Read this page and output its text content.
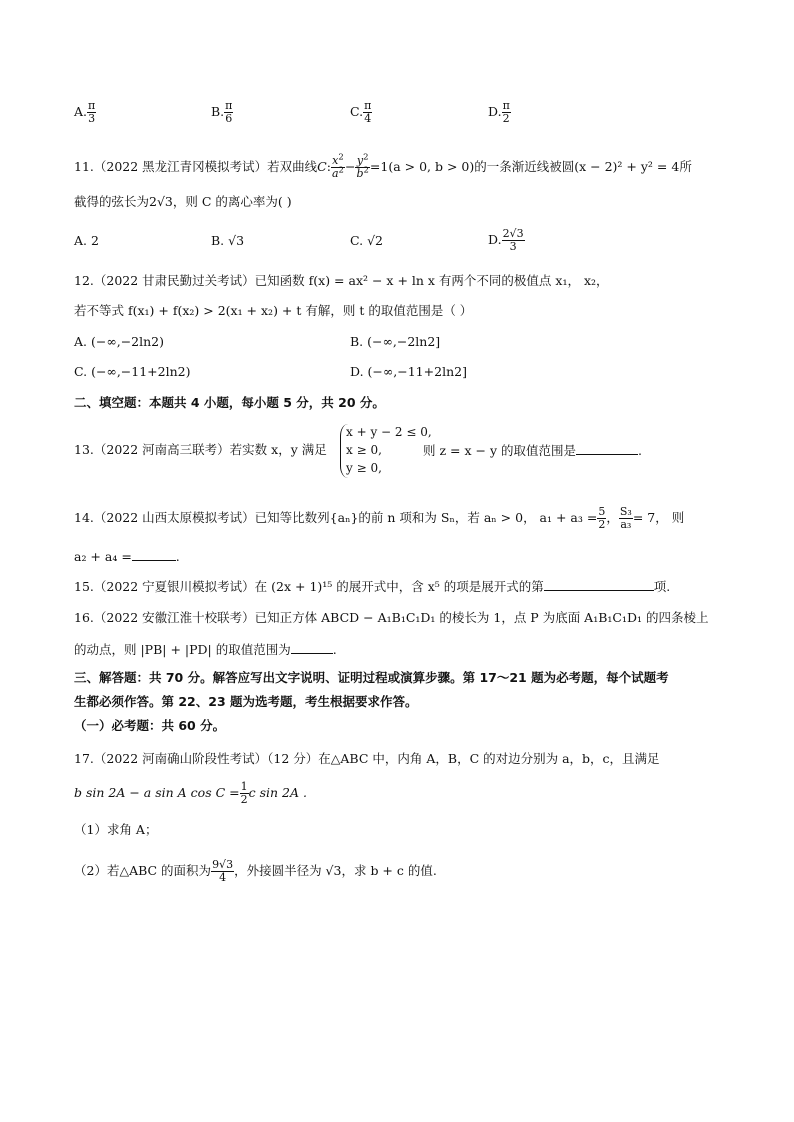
A. $\frac{\pi}{3}$	B. $\frac{\pi}{6}$	C. $\frac{\pi}{4}$	D. $\frac{\pi}{2}$
11.（2022 黑龙江青冈模拟考试）若双曲线C: $\frac{x^2}{a^2} - \frac{y^2}{b^2} =1(a > 0$, b > 0)的一条渐近线被圆(x − 2)² + y² = 4所
截得的弦长为2√3，则 C 的离心率为( )
A. 2	B. √3	C. √2	D. $\frac{2√3}{3}$
12.（2022 甘肃民勤过关考试）已知函数 f(x) = ax² − x + ln x 有两个不同的极值点 x₁， x₂，
若不等式 f(x₁) + f(x₂) > 2(x₁ + x₂) + t 有解，则 t 的取值范围是（ ）
A. (−∞,−2ln2)	B. (−∞,−2ln2]
C. (−∞,−11+2ln2)	D. (−∞,−11+2ln2]
二、填空题：本题共 4 小题，每小题 5 分，共 20 分。
13.（2022 河南高三联考）若实数 x，y 满足
x + y − 2 ≤ 0,
x ≥ 0,
y ≥ 0,
则 z = x − y 的取值范围是	.
14.（2022 山西太原模拟考试）已知等比数列{aₙ}的前 n 项和为 Sₙ，若 aₙ > 0， $a_1 + a_3 = \frac{5}{2}$ ， $\frac{\text{S₃}}{\text{a₃}} = 7$， 则
a₂ + a₄ =	.
15.（2022 宁夏银川模拟考试）在 (2x + 1)¹⁵ 的展开式中，含 x⁵ 的项是展开式的第	项.
16.（2022 安徽江淮十校联考）已知正方体 ABCD − A₁B₁C₁D₁ 的棱长为 1，点 P 为底面 A₁B₁C₁D₁ 的四条棱上
的动点，则 |PB| + |PD| 的取值范围为	.
三、解答题：共 70 分。解答应写出文字说明、证明过程或演算步骤。第 17～21 题为必考题，每个试题考
生都必须作答。第 22、23 题为选考题，考生根据要求作答。
（一）必考题：共 60 分。
17.（2022 河南确山阶段性考试）（12 分）在△ABC 中，内角 A，B，C 的对边分别为 a，b，c，且满足
b sin 2A − a sin A $\cos C = \frac{1}{2}$ c sin 2A .
（1）求角 A；
（2）若△ABC 的面积为 $\frac{9√3}{4}$ ，外接圆半径为 √3，求 b + c 的值.
